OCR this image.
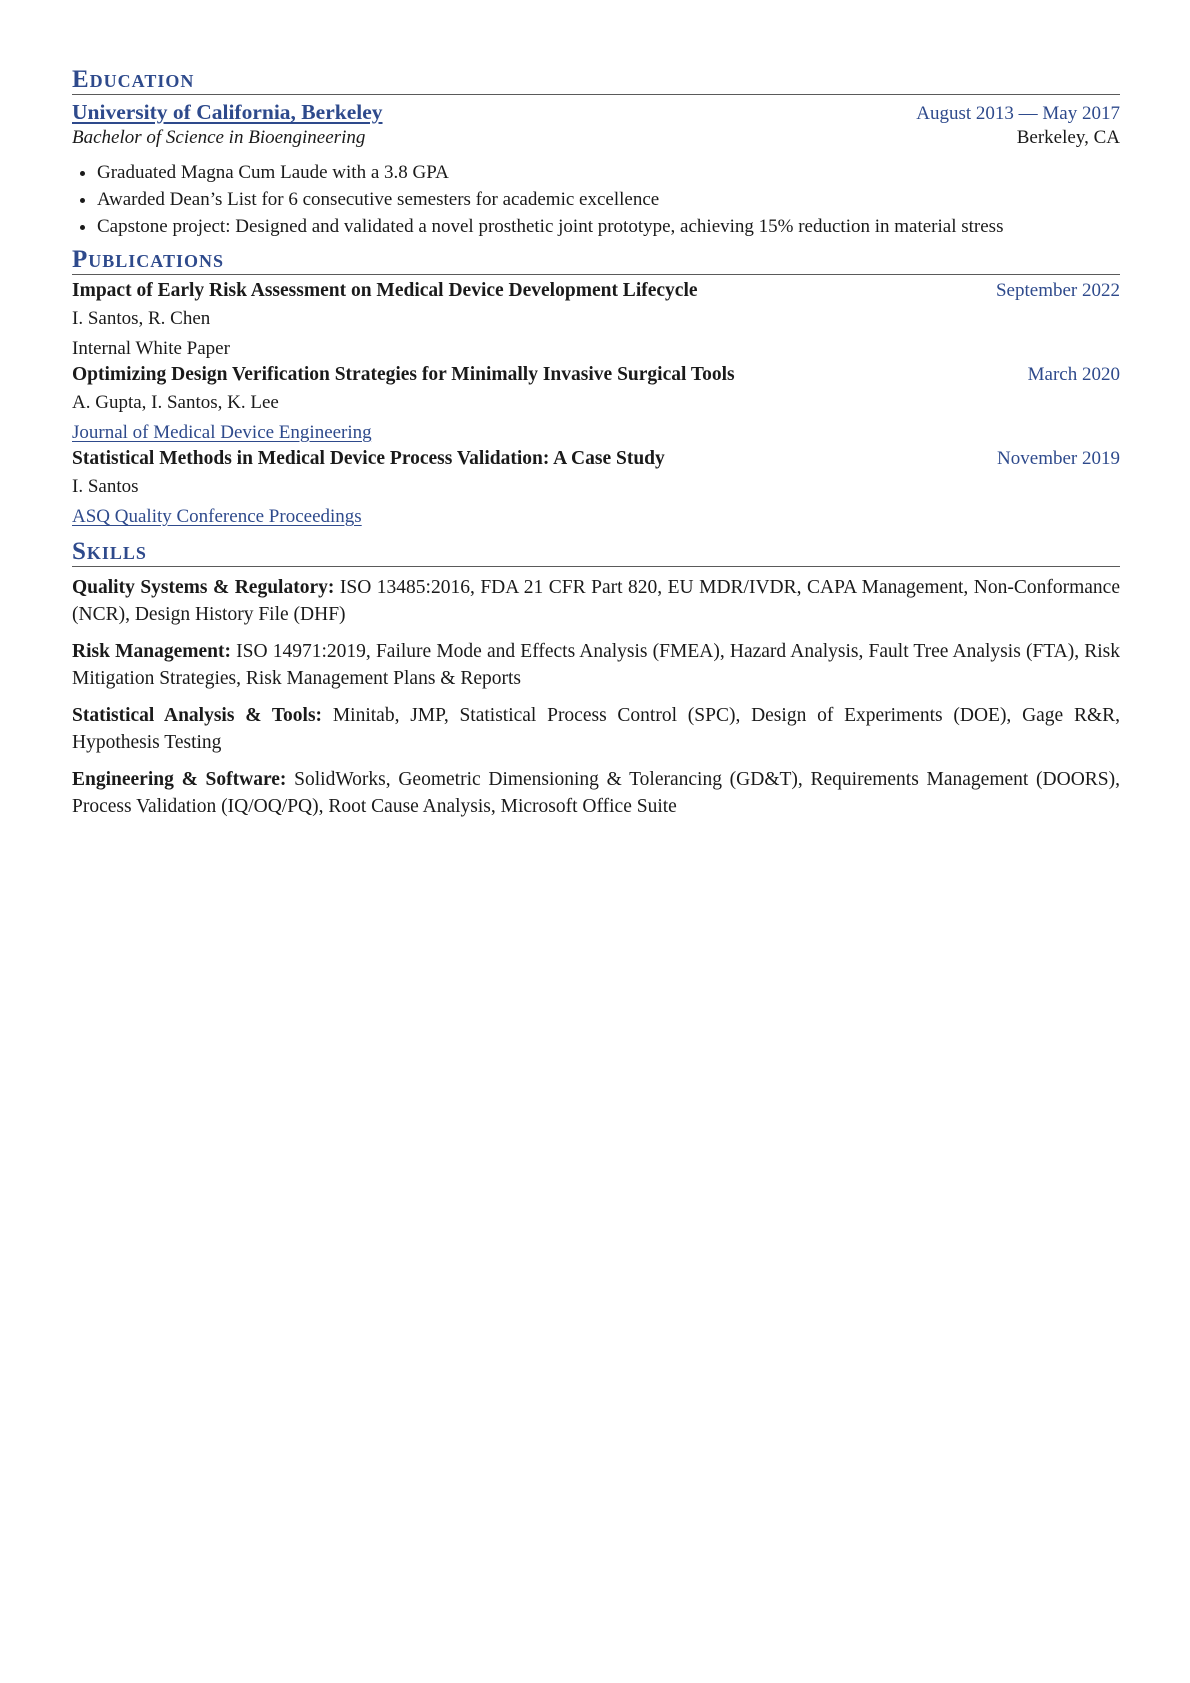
Education
University of California, Berkeley	August 2013 — May 2017
Bachelor of Science in Bioengineering	Berkeley, CA
• Graduated Magna Cum Laude with a 3.8 GPA
• Awarded Dean’s List for 6 consecutive semesters for academic excellence
• Capstone project: Designed and validated a novel prosthetic joint prototype, achieving 15% reduction in material stress
Publications
Impact of Early Risk Assessment on Medical Device Development Lifecycle	September 2022
I. Santos, R. Chen
Internal White Paper
Optimizing Design Verification Strategies for Minimally Invasive Surgical Tools	March 2020
A. Gupta, I. Santos, K. Lee
Journal of Medical Device Engineering
Statistical Methods in Medical Device Process Validation: A Case Study	November 2019
I. Santos
ASQ Quality Conference Proceedings
Skills

Quality Systems & Regulatory: ISO 13485:2016, FDA 21 CFR Part 820, EU MDR/IVDR, CAPA Management, Non-Conformance (NCR), Design History File (DHF)

Risk Management: ISO 14971:2019, Failure Mode and Effects Analysis (FMEA), Hazard Analysis, Fault Tree Analysis (FTA), Risk Mitigation Strategies, Risk Management Plans & Reports

Statistical Analysis & Tools: Minitab, JMP, Statistical Process Control (SPC), Design of Experiments (DOE), Gage R&R, Hypothesis Testing

Engineering & Software: SolidWorks, Geometric Dimensioning & Tolerancing (GD&T), Requirements Management (DOORS), Process Validation (IQ/OQ/PQ), Root Cause Analysis, Microsoft Office Suite
